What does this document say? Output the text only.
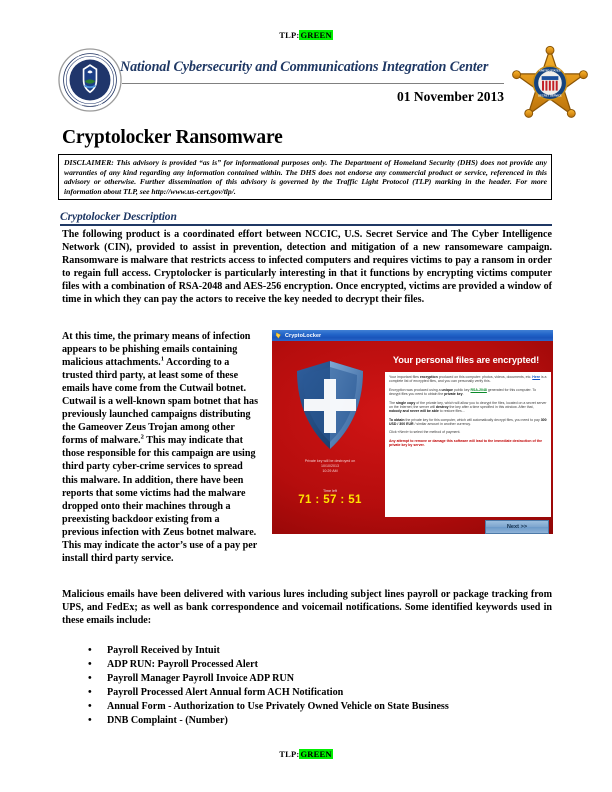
TLP:GREEN
U.S. DEPARTMENT OF
HOMELAND SECURITY
National Cybersecurity and Communications Integration Center
01 November 2013
UNITED STATES
SECRET SERVICE
Cryptolocker Ransomware

DISCLAIMER: This advisory is provided “as is” for informational purposes only. The Department of Homeland Security (DHS) does not provide any warranties of any kind regarding any information contained within. The DHS does not endorse any commercial product or service, referenced in this advisory or otherwise. Further dissemination of this advisory is governed by the Traffic Light Protocol (TLP) marking in the header. For more information about TLP, see http://www.us-cert.gov/tlp/.

Cryptolocker Description
The following product is a coordinated effort between NCCIC, U.S. Secret Service and The Cyber Intelligence Network (CIN), provided to assist in prevention, detection and mitigation of a new ransomeware campaign. Ransomware is malware that restricts access to infected computers and requires victims to pay a ransom in order to regain full access. Cryptolocker is particularly interesting in that it functions by encrypting victims computer files with a combination of RSA-2048 and AES-256 encryption. Once encrypted, victims are provided a window of time in which they can pay the actors to receive the key needed to decrypt their files.
At this time, the primary means of infection appears to be phishing emails containing malicious attachments.$^1$ According to a trusted third party, at least some of these emails have come from the Cutwail botnet. Cutwail is a well-known spam botnet that has previously launched campaigns distributing the Gameover Zeus Trojan among other forms of malware.$^2$ This may indicate that those responsible for this campaign are using third party cyber-crime services to spread this malware. In addition, there have been reports that some victims had the malware dropped onto their machines through a preexisting backdoor existing from a previous infection with Zeus botnet malware. This may indicate the actor’s use of a pay per install third party service.
CryptoLocker
Your personal files are encrypted!

Your important files encryption produced on this computer: photos, videos, documents, etc. Here is a complete list of encrypted files, and you can personally verify this.

Encryption was produced using a unique public key RSA-2048 generated for this computer. To decrypt files you need to obtain the private key.

The single copy of the private key, which will allow you to decrypt the files, located on a secret server on the Internet; the server will destroy the key after a time specified in this window. After that, nobody and never will be able to restore files...

To obtain the private key for this computer, which will automatically decrypt files, you need to pay 300 USD / 300 EUR / similar amount in another currency.

Click «Next» to select the method of payment.

Any attempt to remove or damage this software will lead to the immediate destruction of the private key by server.

Private key will be destroyed on
10/10/2013
10:29 AM
Time left
71 : 57 : 51
Next >>
Malicious emails have been delivered with various lures including subject lines payroll or package tracking from UPS, and FedEx; as well as bank correspondence and voicemail notifications. Some identified keywords used in these emails include:
• Payroll Received by Intuit
• ADP RUN: Payroll Processed Alert
• Payroll Manager Payroll Invoice ADP RUN
• Payroll Processed Alert Annual form ACH Notification
• Annual Form - Authorization to Use Privately Owned Vehicle on State Business
• DNB Complaint - (Number)
TLP:GREEN
